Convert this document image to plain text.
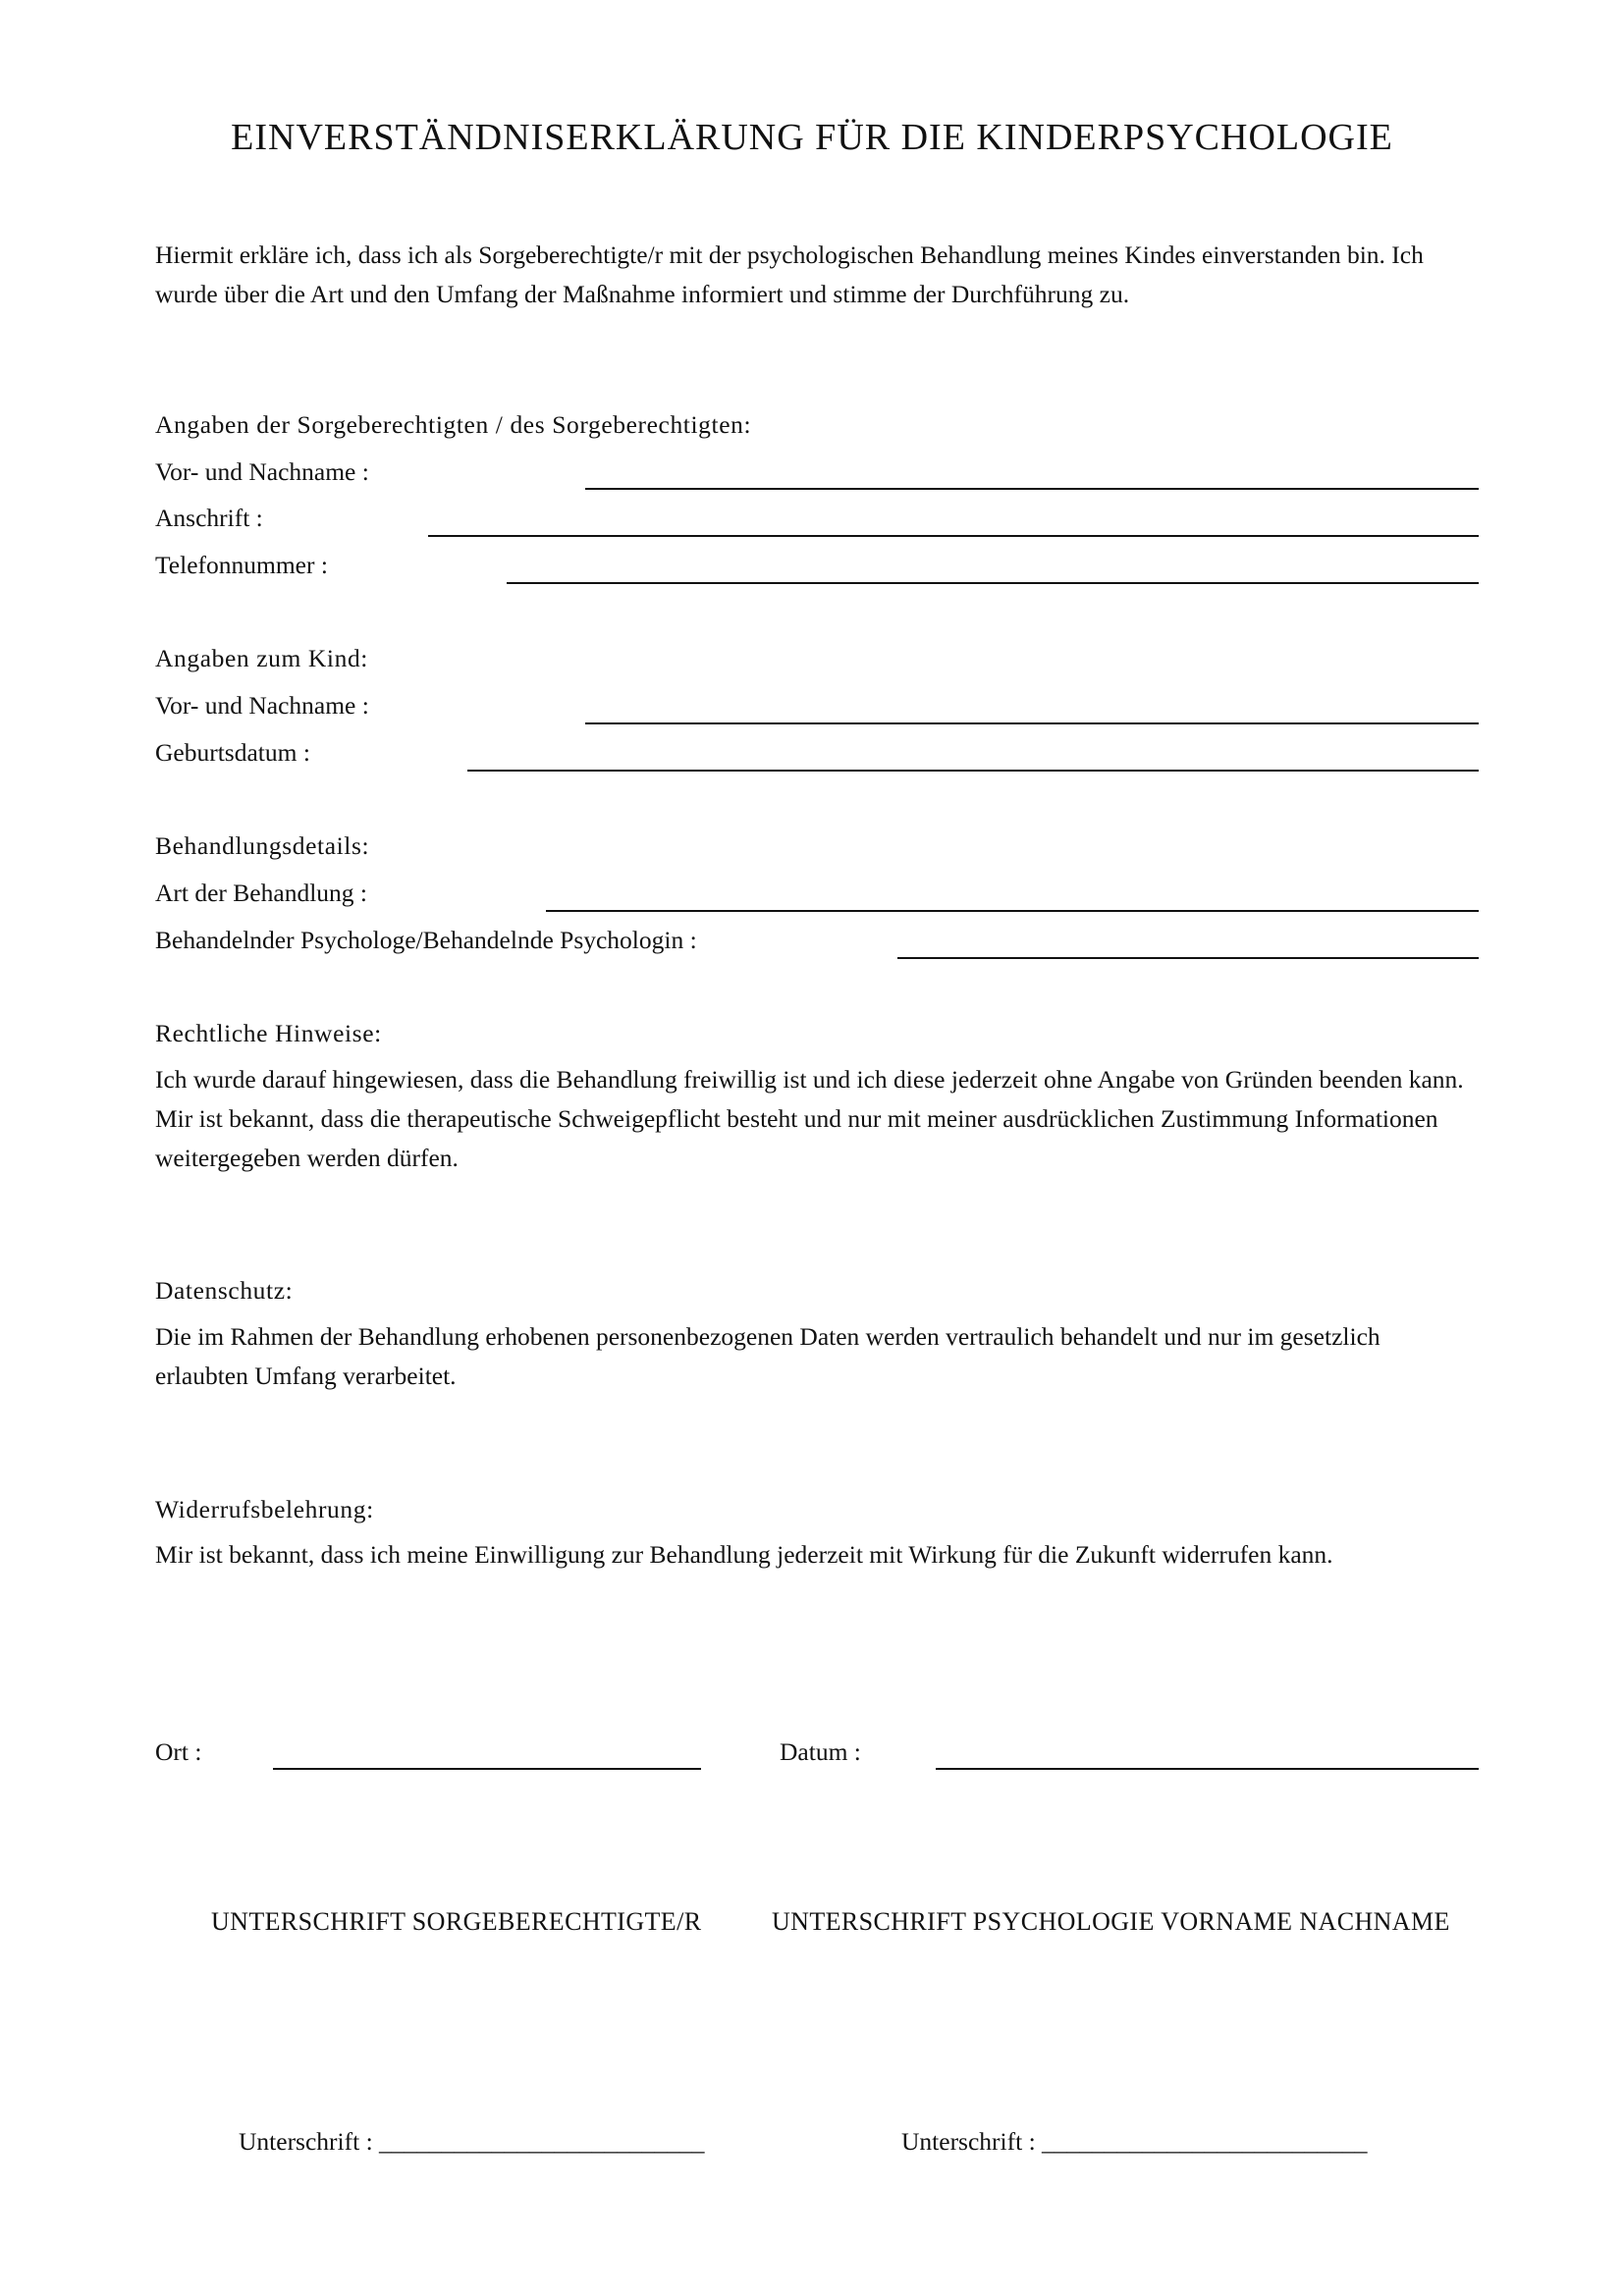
EINVERSTÄNDNISERKLÄRUNG FÜR DIE KINDERPSYCHOLOGIE
Hiermit erkläre ich, dass ich als Sorgeberechtigte/r mit der psychologischen Behandlung meines Kindes einverstanden bin. Ich wurde über die Art und den Umfang der Maßnahme informiert und stimme der Durchführung zu.
Angaben der Sorgeberechtigten / des Sorgeberechtigten:
Vor- und Nachname :
Anschrift :
Telefonnummer :
Angaben zum Kind:
Vor- und Nachname :
Geburtsdatum :
Behandlungsdetails:
Art der Behandlung :
Behandelnder Psychologe/Behandelnde Psychologin :
Rechtliche Hinweise:
Ich wurde darauf hingewiesen, dass die Behandlung freiwillig ist und ich diese jederzeit ohne Angabe von Gründen beenden kann. Mir ist bekannt, dass die therapeutische Schweigepflicht besteht und nur mit meiner ausdrücklichen Zustimmung Informationen weitergegeben werden dürfen.
Datenschutz:
Die im Rahmen der Behandlung erhobenen personenbezogenen Daten werden vertraulich behandelt und nur im gesetzlich erlaubten Umfang verarbeitet.
Widerrufsbelehrung:
Mir ist bekannt, dass ich meine Einwilligung zur Behandlung jederzeit mit Wirkung für die Zukunft widerrufen kann.
Ort :	Datum :
UNTERSCHRIFT SORGEBERECHTIGTE/R	UNTERSCHRIFT PSYCHOLOGIE VORNAME NACHNAME
Unterschrift : __________________________	Unterschrift : __________________________
